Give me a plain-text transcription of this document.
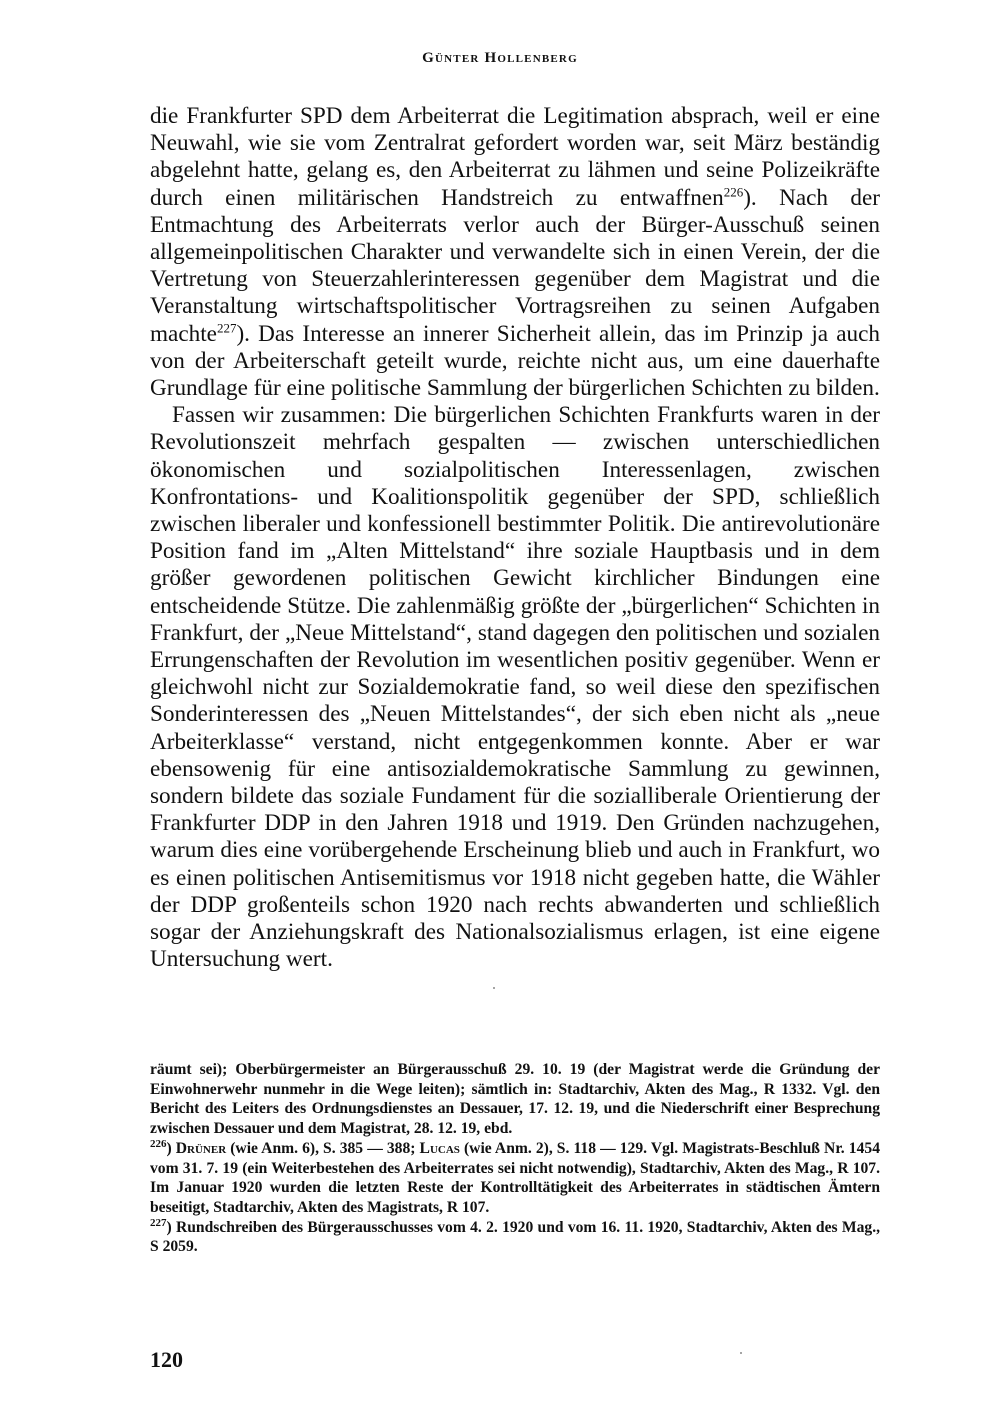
Günter Hollenberg

die Frankfurter SPD dem Arbeiterrat die Legitimation absprach, weil er eine Neuwahl, wie sie vom Zentralrat gefordert worden war, seit März beständig abgelehnt hatte, gelang es, den Arbeiterrat zu lähmen und seine Polizeikräfte durch einen militärischen Handstreich zu entwaffnen$^{226}$). Nach der Entmachtung des Arbeiterrats verlor auch der Bürger-Ausschuß seinen allgemeinpolitischen Charakter und verwandelte sich in einen Verein, der die Vertretung von Steuerzahlerinteressen gegenüber dem Magistrat und die Veranstaltung wirtschaftspolitischer Vortragsreihen zu seinen Aufgaben machte$^{227}$). Das Interesse an innerer Sicherheit allein, das im Prinzip ja auch von der Arbeiterschaft geteilt wurde, reichte nicht aus, um eine dauerhafte Grundlage für eine politische Sammlung der bürgerlichen Schichten zu bilden.

Fassen wir zusammen: Die bürgerlichen Schichten Frankfurts waren in der Revolutionszeit mehrfach gespalten — zwischen unterschiedlichen ökonomischen und sozialpolitischen Interessenlagen, zwischen Konfrontations- und Koalitionspolitik gegenüber der SPD, schließlich zwischen liberaler und konfessionell bestimmter Politik. Die antirevolutionäre Position fand im „Alten Mittelstand“ ihre soziale Hauptbasis und in dem größer gewordenen politischen Gewicht kirchlicher Bindungen eine entscheidende Stütze. Die zahlenmäßig größte der „bürgerlichen“ Schichten in Frankfurt, der „Neue Mittelstand“, stand dagegen den politischen und sozialen Errungenschaften der Revolution im wesentlichen positiv gegenüber. Wenn er gleichwohl nicht zur Sozialdemokratie fand, so weil diese den spezifischen Sonderinteressen des „Neuen Mittelstandes“, der sich eben nicht als „neue Arbeiterklasse“ verstand, nicht entgegenkommen konnte. Aber er war ebensowenig für eine antisozialdemokratische Sammlung zu gewinnen, sondern bildete das soziale Fundament für die sozialliberale Orientierung der Frankfurter DDP in den Jahren 1918 und 1919. Den Gründen nachzugehen, warum dies eine vorübergehende Erscheinung blieb und auch in Frankfurt, wo es einen politischen Antisemitismus vor 1918 nicht gegeben hatte, die Wähler der DDP großenteils schon 1920 nach rechts abwanderten und schließlich sogar der Anziehungskraft des Nationalsozialismus erlagen, ist eine eigene Untersuchung wert.

räumt sei); Oberbürgermeister an Bürgerausschuß 29. 10. 19 (der Magistrat werde die Gründung der Einwohnerwehr nunmehr in die Wege leiten); sämtlich in: Stadtarchiv, Akten des Mag., R 1332. Vgl. den Bericht des Leiters des Ordnungsdienstes an Dessauer, 17. 12. 19, und die Niederschrift einer Besprechung zwischen Dessauer und dem Magistrat, 28. 12. 19, ebd.

$^{226}$) Drüner (wie Anm. 6), S. 385 — 388; Lucas (wie Anm. 2), S. 118 — 129. Vgl. Magistrats-Beschluß Nr. 1454 vom 31. 7. 19 (ein Weiterbestehen des Arbeiterrates sei nicht notwendig), Stadtarchiv, Akten des Mag., R 107. Im Januar 1920 wurden die letzten Reste der Kontrolltätigkeit des Arbeiterrates in städtischen Ämtern beseitigt, Stadtarchiv, Akten des Magistrats, R 107.

$^{227}$) Rundschreiben des Bürgerausschusses vom 4. 2. 1920 und vom 16. 11. 1920, Stadtarchiv, Akten des Mag., S 2059.

120
